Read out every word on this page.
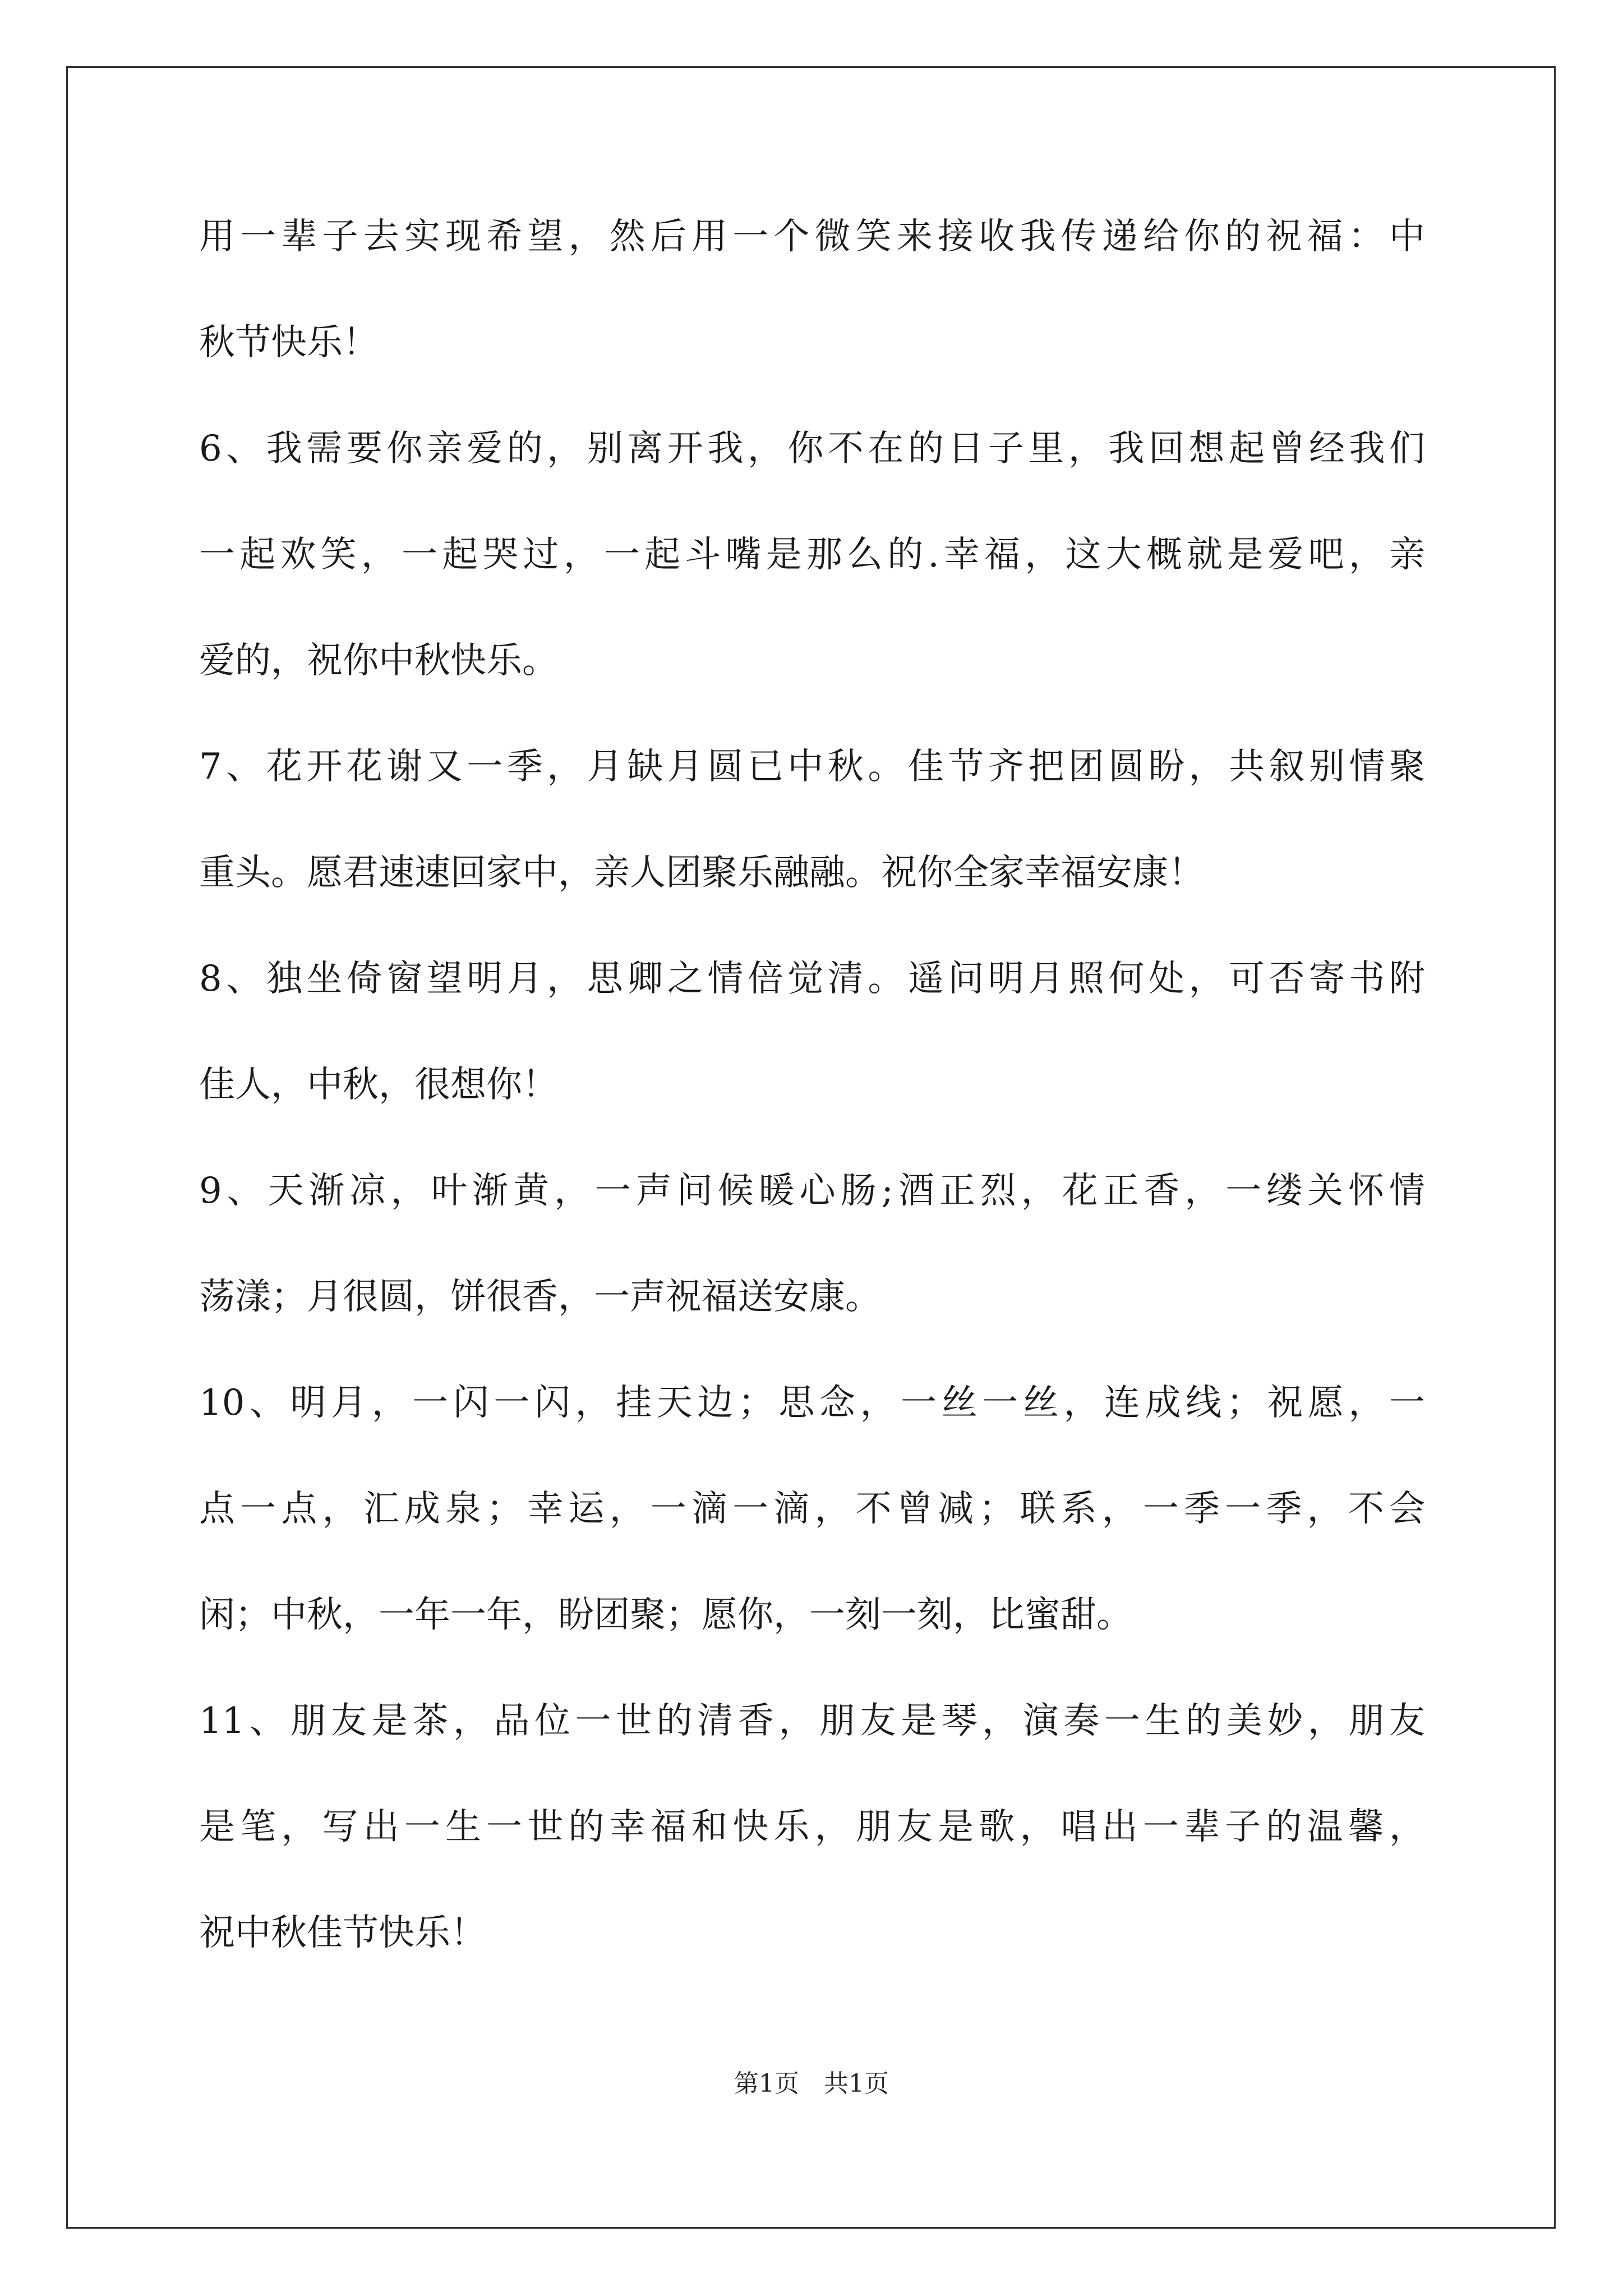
用一辈子去实现希望，然后用一个微笑来接收我传递给你的祝福：中
秋节快乐！
6、我需要你亲爱的，别离开我，你不在的日子里，我回想起曾经我们
一起欢笑，一起哭过，一起斗嘴是那么的.幸福，这大概就是爱吧，亲
爱的，祝你中秋快乐。
7、花开花谢又一季，月缺月圆已中秋。佳节齐把团圆盼，共叙别情聚
重头。愿君速速回家中，亲人团聚乐融融。祝你全家幸福安康！
8、独坐倚窗望明月，思卿之情倍觉清。遥问明月照何处，可否寄书附
佳人，中秋，很想你！
9、天渐凉，叶渐黄，一声问候暖心肠;酒正烈，花正香，一缕关怀情
荡漾；月很圆，饼很香，一声祝福送安康。
10、明月，一闪一闪，挂天边；思念，一丝一丝，连成线；祝愿，一
点一点，汇成泉；幸运，一滴一滴，不曾减；联系，一季一季，不会
闲；中秋，一年一年，盼团聚；愿你，一刻一刻，比蜜甜。
11、朋友是茶，品位一世的清香，朋友是琴，演奏一生的美妙，朋友
是笔，写出一生一世的幸福和快乐，朋友是歌，唱出一辈子的温馨，
祝中秋佳节快乐！
第1页　共1页
